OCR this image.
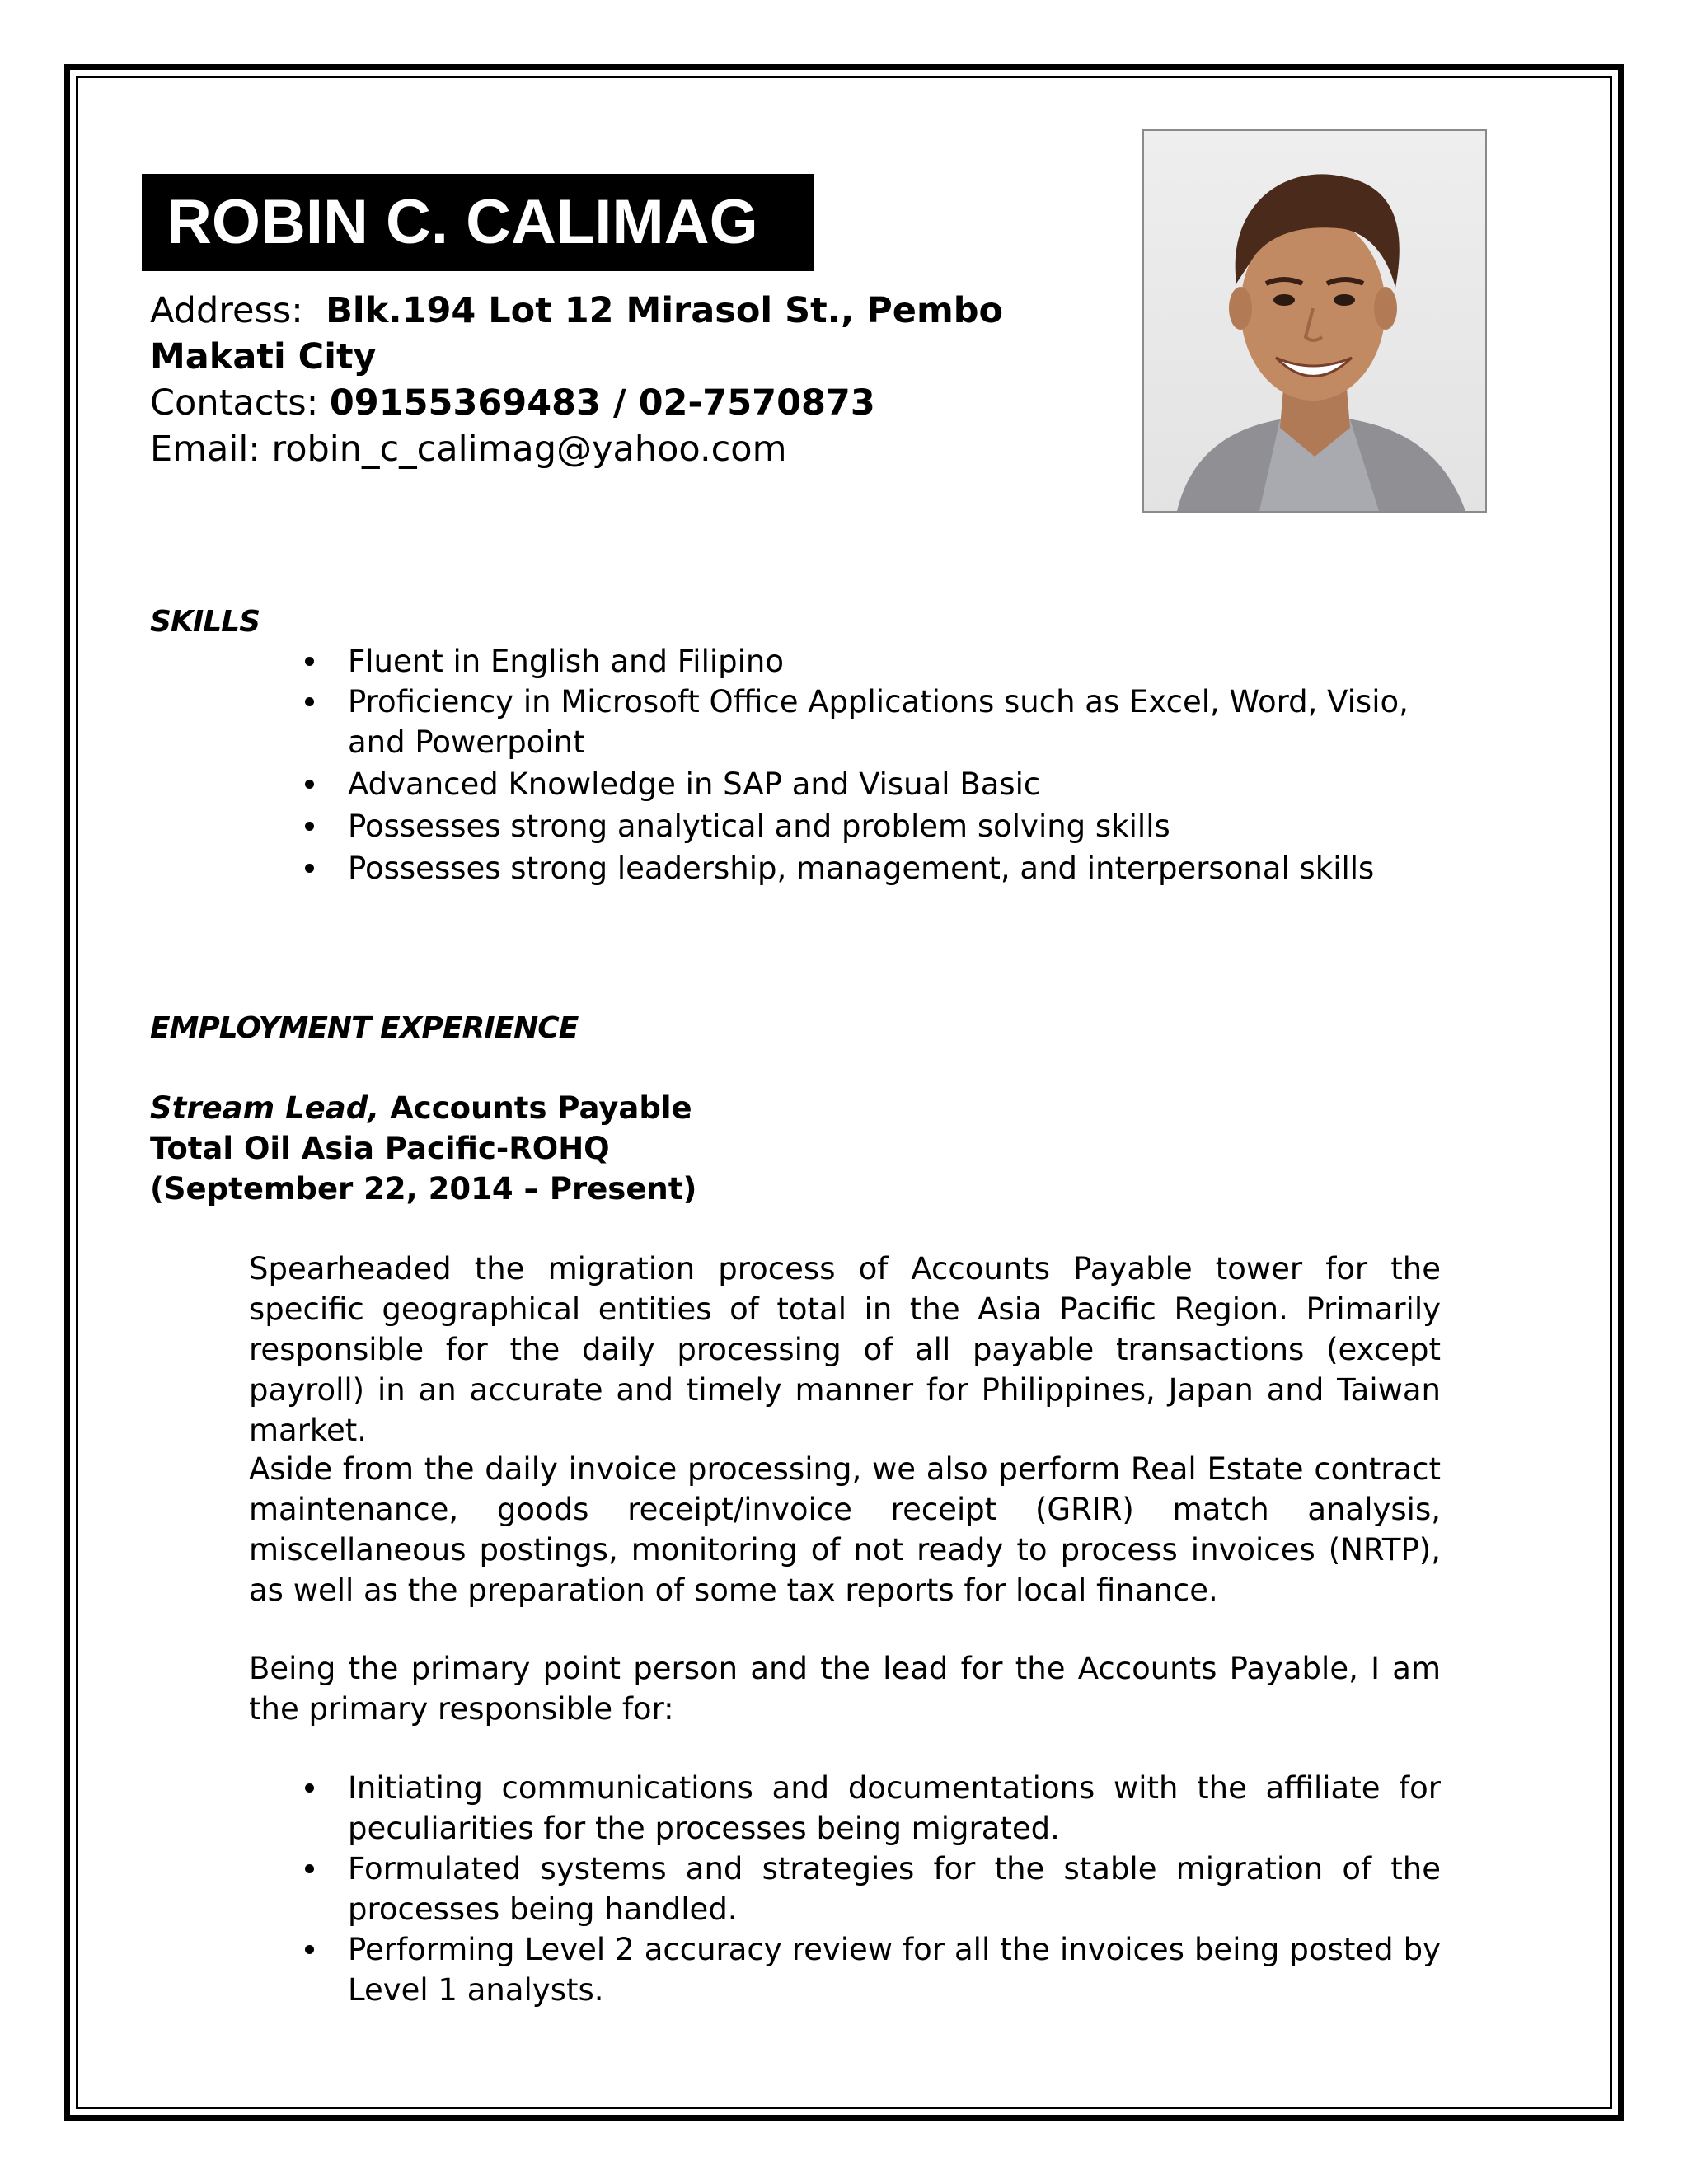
ROBIN C. CALIMAG
Address: Blk.194 Lot 12 Mirasol St., Pembo
Makati City
Contacts: 09155369483 / 02-7570873
Email: robin_c_calimag@yahoo.com
SKILLS
Fluent in English and Filipino
Proficiency in Microsoft Office Applications such as Excel, Word, Visio, and Powerpoint
Advanced Knowledge in SAP and Visual Basic
Possesses strong analytical and problem solving skills
Possesses strong leadership, management, and interpersonal skills
EMPLOYMENT EXPERIENCE
Stream Lead, Accounts Payable
Total Oil Asia Pacific-ROHQ
(September 22, 2014 – Present)

Spearheaded the migration process of Accounts Payable tower for the specific geographical entities of total in the Asia Pacific Region. Primarily responsible for the daily processing of all payable transactions (except payroll) in an accurate and timely manner for Philippines, Japan and Taiwan market.

Aside from the daily invoice processing, we also perform Real Estate contract maintenance, goods receipt/invoice receipt (GRIR) match analysis, miscellaneous postings, monitoring of not ready to process invoices (NRTP), as well as the preparation of some tax reports for local finance.

Being the primary point person and the lead for the Accounts Payable, I am the primary responsible for:

Initiating communications and documentations with the affiliate for peculiarities for the processes being migrated.
Formulated systems and strategies for the stable migration of the processes being handled.
Performing Level 2 accuracy review for all the invoices being posted by Level 1 analysts.
